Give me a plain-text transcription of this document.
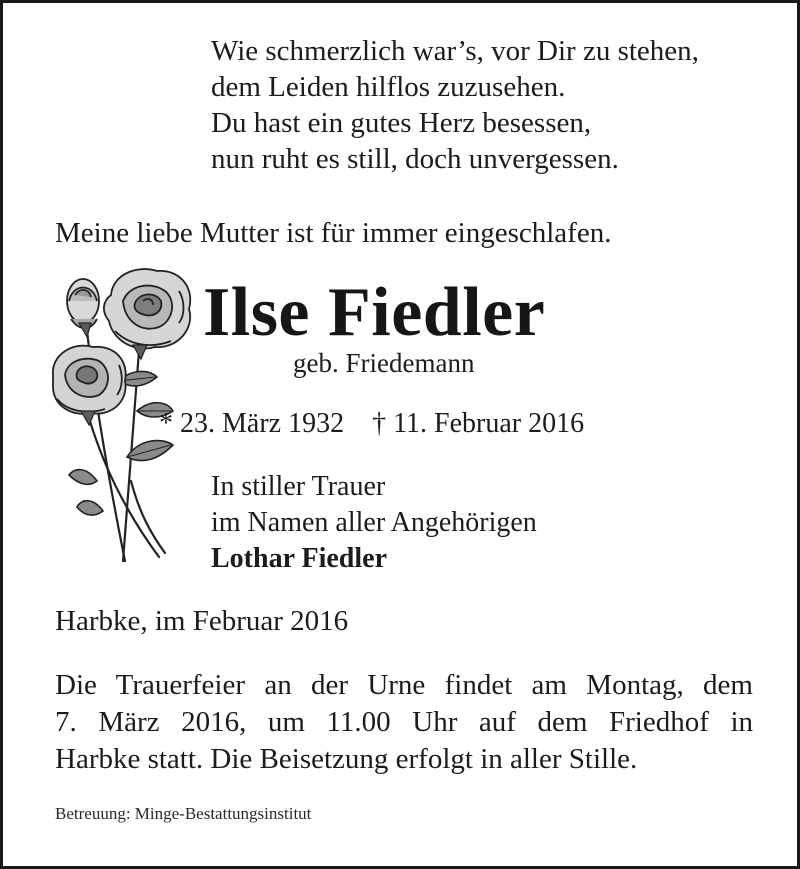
Wie schmerzlich war’s, vor Dir zu stehen,
dem Leiden hilflos zuzusehen.
Du hast ein gutes Herz besessen,
nun ruht es still, doch unvergessen.
Meine liebe Mutter ist für immer eingeschlafen.
Ilse Fiedler
geb. Friedemann
* 23. März 1932 † 11. Februar 2016
In stiller Trauer
im Namen aller Angehörigen
Lothar Fiedler
Harbke, im Februar 2016
Die Trauerfeier an der Urne findet am Montag, dem
7. März 2016, um 11.00 Uhr auf dem Friedhof in
Harbke statt. Die Beisetzung erfolgt in aller Stille.
Betreuung: Minge-Bestattungsinstitut
